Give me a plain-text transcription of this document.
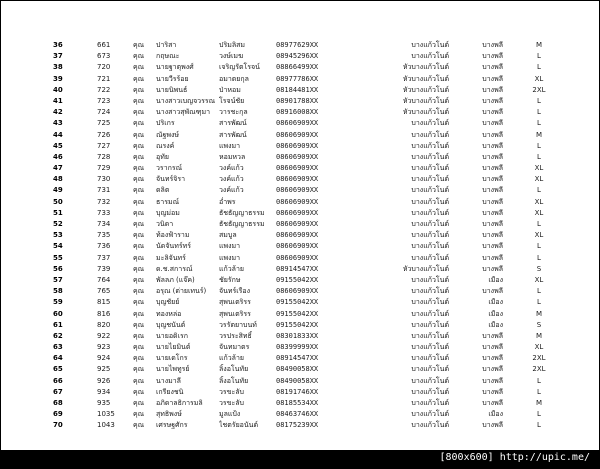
36	661	คุณ	ปาริสา	ปริมลิสม	08977629XX	บางแก้วโนต์	บางพลี	M
37	673	คุณ	กฤษณะ	วงษ์เมฆ	08945296XX	บางแก้วโนต์	บางพลี	L
38	720	คุณ	นายฐาตุพงศ์	เจริญรัตโรจน์	08866499XX	หัวบางแก้วโนต์	บางพลี	L
39	721	คุณ	นายวีรร้อย	อมาตยกุล	08977786XX	หัวบางแก้วโนต์	บางพลี	XL
40	722	คุณ	นายนิพนธ์	ป่าหอม	08184481XX	หัวบางแก้วโนต์	บางพลี	2XL
41	723	คุณ	นางสาวเบญจวรรณ โรจน์ชัย	08901788XX	หัวบางแก้วโนต์	บางพลี	L
42	724	คุณ	นางสาวสุพัณฑุมา	วารชะกุล	08916008XX	หัวบางแก้วโนต์	บางพลี	L
43	725	คุณ	ปริเกร	สารพัฒน์	08606909XX	บางแก้วโนต์	บางพลี	L
44	726	คุณ	ณัฐพงษ์	สารพัฒน์	08606909XX	บางแก้วโนต์	บางพลี	M
45	727	คุณ	ณรงค์	แพงมา	08606909XX	บางแก้วโนต์	บางพลี	L
46	728	คุณ	อุทัย	หอมหวล	08606909XX	บางแก้วโนต์	บางพลี	L
47	729	คุณ	วรากรณ์	วงค์แก้ว	08606909XX	บางแก้วโนต์	บางพลี	XL
48	730	คุณ	จันทร์จิรา	วงค์แก้ว	08606909XX	บางแก้วโนต์	บางพลี	XL
49	731	คุณ	ดลิต	วงค์แก้ว	08606909XX	บางแก้วโนต์	บางพลี	L
50	732	คุณ	ธารมณ์	อ่ำพร	08606909XX	บางแก้วโนต์	บางพลี	XL
51	733	คุณ	บุญม่อม	ธัชธัญญาธรรม	08606909XX	บางแก้วโนต์	บางพลี	XL
52	734	คุณ	วนิดา	ธัชธัญญาธรรม	08606909XX	บางแก้วโนต์	บางพลี	L
53	735	คุณ	ท้องฟ้าราม	สมบูล	08606909XX	บางแก้วโนต์	บางพลี	XL
54	736	คุณ	นัดจันทร์ทร์	แพงมา	08606909XX	บางแก้วโนต์	บางพลี	L
55	737	คุณ	มะลิจันทร์	แพงมา	08606909XX	บางแก้วโนต์	บางพลี	L
56	739	คุณ	ด.ช.สการณ์	แก้วล้าย	08914547XX	หัวบางแก้วโนต์	บางพลี	S
57	764	คุณ	พัลลภ (แจ๊ค)	ชัยรักษ	09155042XX	บางแก้วโนต์	เมือง	XL
58	765	คุณ	อรุณ (ต่ายเทนร์)	จันทร์เรือง	08606909XX	บางแก้วโนต์	บางพลี	L
59	815	คุณ	บุญชัยย์	สุพนเตริรร	09155042XX	บางแก้วโนต์	เมือง	L
60	816	คุณ	ทองหล่อ	สุพนเตริรร	09155042XX	บางแก้วโนต์	เมือง	M
61	820	คุณ	บุญชนันต์	วรรัตยาบนท์	09155042XX	บางแก้วโนต์	เมือง	S
62	922	คุณ	นายอดิเรก	วรประสิทธิ์	08301833XX	บางแก้วโนต์	บางพลี	M
63	923	คุณ	นายไยมินต์	จันทมาตร	08399999XX	บางแก้วโนต์	บางพลี	XL
64	924	คุณ	นายเดโกร	แก้วล้าย	08914547XX	บางแก้วโนต์	บางพลี	2XL
65	925	คุณ	นายไพทูรย์	ลิ้งอโนทัย	08490058XX	บางแก้วโนต์	บางพลี	2XL
66	926	คุณ	นางมาลี	ลิ้งอโนทัย	08490058XX	บางแก้วโนต์	บางพลี	L
67	934	คุณ	เกรียงชนิ	วรขะลับ	08191746XX	บางแก้วโนต์	บางพลี	L
68	935	คุณ	อภิดาลธิการมลิ	วรขะลับ	08185534XX	บางแก้วโนต์	บางพลี	M
69	1035	คุณ	สุทธิพงษ์	มูลแป้ง	08463746XX	บางแก้วโนต์	เมือง	L
70	1043	คุณ	เศรษฐศักร	ไชตรัยอนันต์	08175239XX	บางแก้วโนต์	บางพลี	L
[800x600] http://upic.me/
